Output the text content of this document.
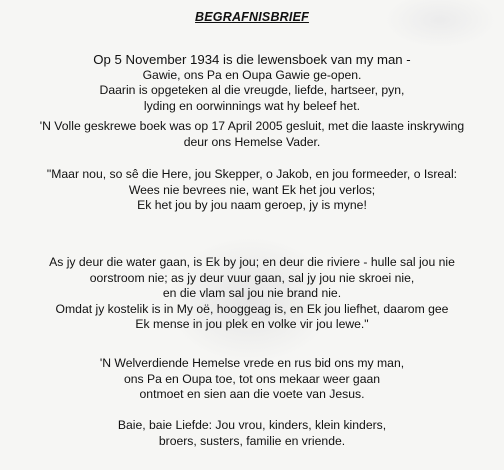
BEGRAFNISBRIEF
Op 5 November 1934 is die lewensboek van my man -
Gawie, ons Pa en Oupa Gawie ge-open.
Daarin is opgeteken al die vreugde, liefde, hartseer, pyn,
lyding en oorwinnings wat hy beleef het.
'N Volle geskrewe boek was op 17 April 2005 gesluit, met die laaste inskrywing
deur ons Hemelse Vader.
"Maar nou, so sê die Here, jou Skepper, o Jakob, en jou formeeder, o Isreal:
Wees nie bevrees nie, want Ek het jou verlos;
Ek het jou by jou naam geroep, jy is myne!
As jy deur die water gaan, is Ek by jou; en deur die riviere - hulle sal jou nie
oorstroom nie; as jy deur vuur gaan, sal jy jou nie skroei nie,
en die vlam sal jou nie brand nie.
Omdat jy kostelik is in My oë, hooggeag is, en Ek jou liefhet, daarom gee
Ek mense in jou plek en volke vir jou lewe."
'N Welverdiende Hemelse vrede en rus bid ons my man,
ons Pa en Oupa toe, tot ons mekaar weer gaan
ontmoet en sien aan die voete van Jesus.
Baie, baie Liefde: Jou vrou, kinders, klein kinders,
broers, susters, familie en vriende.
